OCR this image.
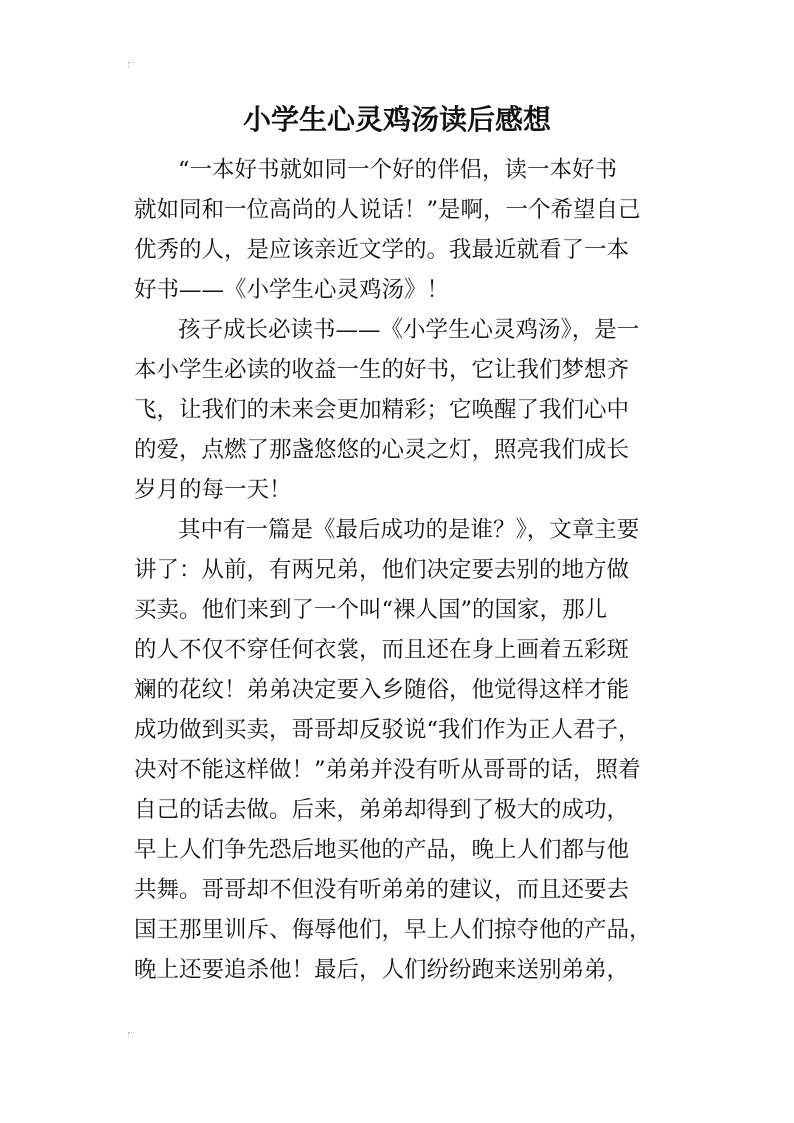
小学生心灵鸡汤读后感想
“一本好书就如同一个好的伴侣，读一本好书
就如同和一位高尚的人说话！”是啊，一个希望自己
优秀的人，是应该亲近文学的。我最近就看了一本
好书——《小学生心灵鸡汤》！
孩子成长必读书——《小学生心灵鸡汤》，是一
本小学生必读的收益一生的好书，它让我们梦想齐
飞，让我们的未来会更加精彩；它唤醒了我们心中
的爱，点燃了那盏悠悠的心灵之灯，照亮我们成长
岁月的每一天！
其中有一篇是《最后成功的是谁？》，文章主要
讲了：从前，有两兄弟，他们决定要去别的地方做
买卖。他们来到了一个叫“裸人国”的国家，那儿
的人不仅不穿任何衣裳，而且还在身上画着五彩斑
斓的花纹！弟弟决定要入乡随俗，他觉得这样才能
成功做到买卖，哥哥却反驳说“我们作为正人君子，
决对不能这样做！”弟弟并没有听从哥哥的话，照着
自己的话去做。后来，弟弟却得到了极大的成功，
早上人们争先恐后地买他的产品，晚上人们都与他
共舞。哥哥却不但没有听弟弟的建议，而且还要去
国王那里训斥、侮辱他们，早上人们掠夺他的产品，
晚上还要追杀他！最后，人们纷纷跑来送别弟弟，
